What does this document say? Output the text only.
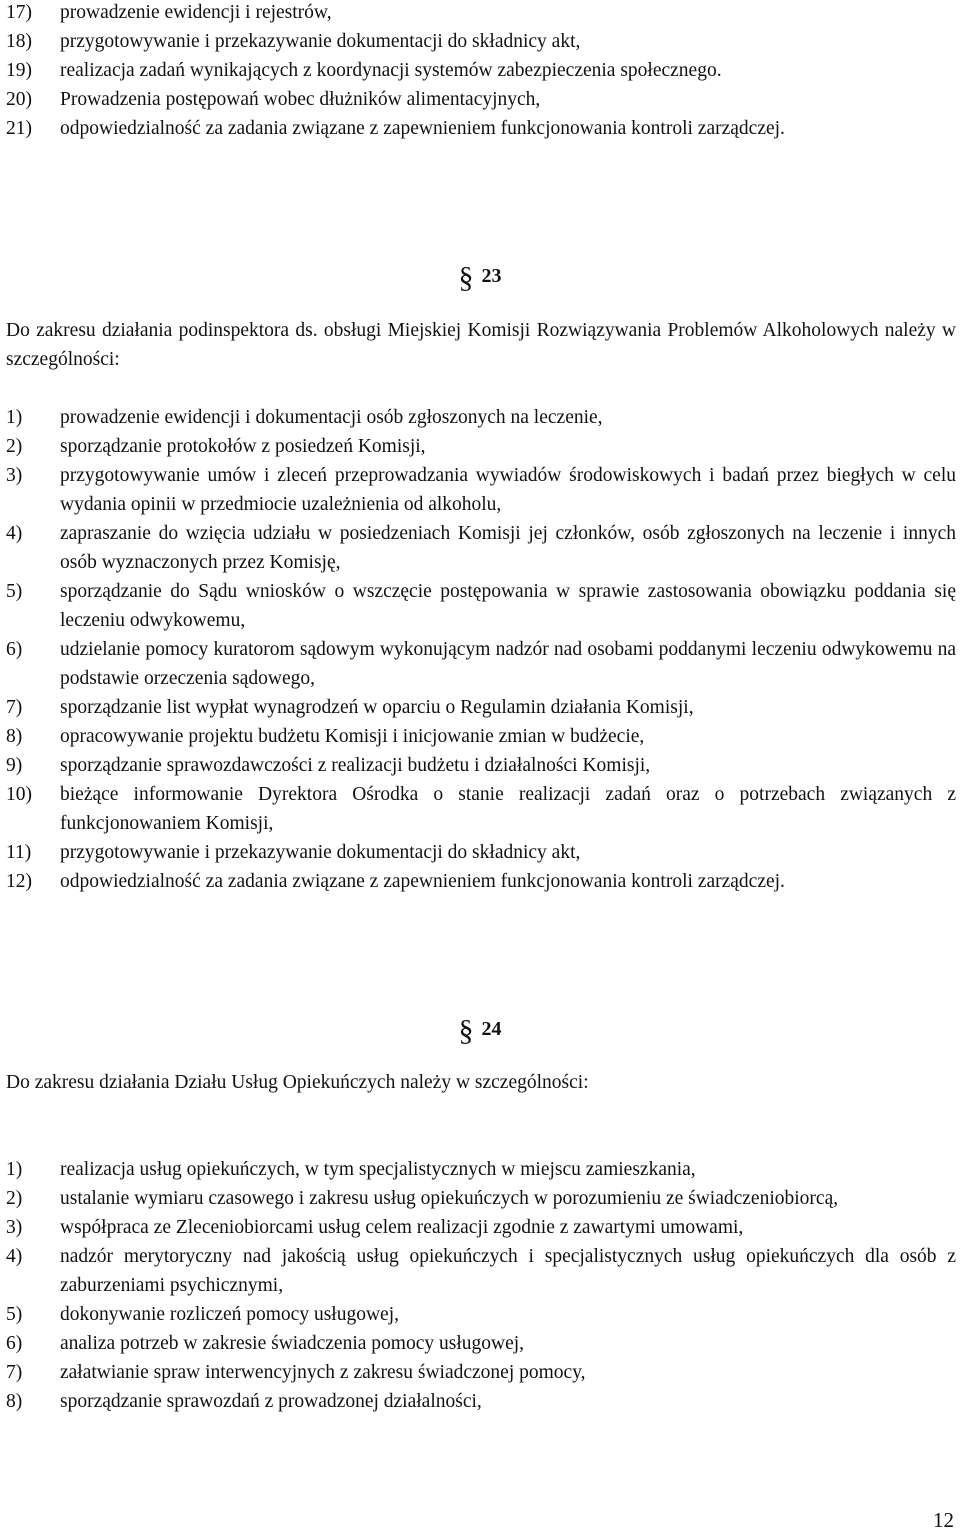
17)	prowadzenie ewidencji i rejestrów,
18)	przygotowywanie i przekazywanie dokumentacji do składnicy akt,
19)	realizacja zadań wynikających z koordynacji systemów zabezpieczenia społecznego.
20)	Prowadzenia postępowań wobec dłużników alimentacyjnych,
21)	odpowiedzialność za zadania związane z zapewnieniem funkcjonowania kontroli zarządczej.
§ 23
Do zakresu działania podinspektora ds. obsługi Miejskiej Komisji Rozwiązywania Problemów Alkoholowych należy w szczególności:
1)	prowadzenie ewidencji i dokumentacji osób zgłoszonych na leczenie,
2)	sporządzanie protokołów z posiedzeń Komisji,
3)	przygotowywanie umów i zleceń przeprowadzania wywiadów środowiskowych i badań przez biegłych w celu wydania opinii w przedmiocie uzależnienia od alkoholu,
4)	zapraszanie do wzięcia udziału w posiedzeniach Komisji jej członków, osób zgłoszonych na leczenie i innych osób wyznaczonych przez Komisję,
5)	sporządzanie do Sądu wniosków o wszczęcie postępowania w sprawie zastosowania obowiązku poddania się leczeniu odwykowemu,
6)	udzielanie pomocy kuratorom sądowym wykonującym nadzór nad osobami poddanymi leczeniu odwykowemu na podstawie orzeczenia sądowego,
7)	sporządzanie list wypłat wynagrodzeń w oparciu o Regulamin działania Komisji,
8)	opracowywanie projektu budżetu Komisji i inicjowanie zmian w budżecie,
9)	sporządzanie sprawozdawczości z realizacji budżetu i działalności Komisji,
10)	bieżące informowanie Dyrektora Ośrodka o stanie realizacji zadań oraz o potrzebach związanych z funkcjonowaniem Komisji,
11)	przygotowywanie i przekazywanie dokumentacji do składnicy akt,
12)	odpowiedzialność za zadania związane z zapewnieniem funkcjonowania kontroli zarządczej.
§ 24
Do zakresu działania Działu Usług Opiekuńczych należy w szczególności:
1)	realizacja usług opiekuńczych, w tym specjalistycznych w miejscu zamieszkania,
2)	ustalanie wymiaru czasowego i zakresu usług opiekuńczych w porozumieniu ze świadczeniobiorcą,
3)	współpraca ze Zleceniobiorcami usług celem realizacji zgodnie z zawartymi umowami,
4)	nadzór merytoryczny nad jakością usług opiekuńczych i specjalistycznych usług opiekuńczych dla osób z zaburzeniami psychicznymi,
5)	dokonywanie rozliczeń pomocy usługowej,
6)	analiza potrzeb w zakresie świadczenia pomocy usługowej,
7)	załatwianie spraw interwencyjnych z zakresu świadczonej pomocy,
8)	sporządzanie sprawozdań z prowadzonej działalności,
12
